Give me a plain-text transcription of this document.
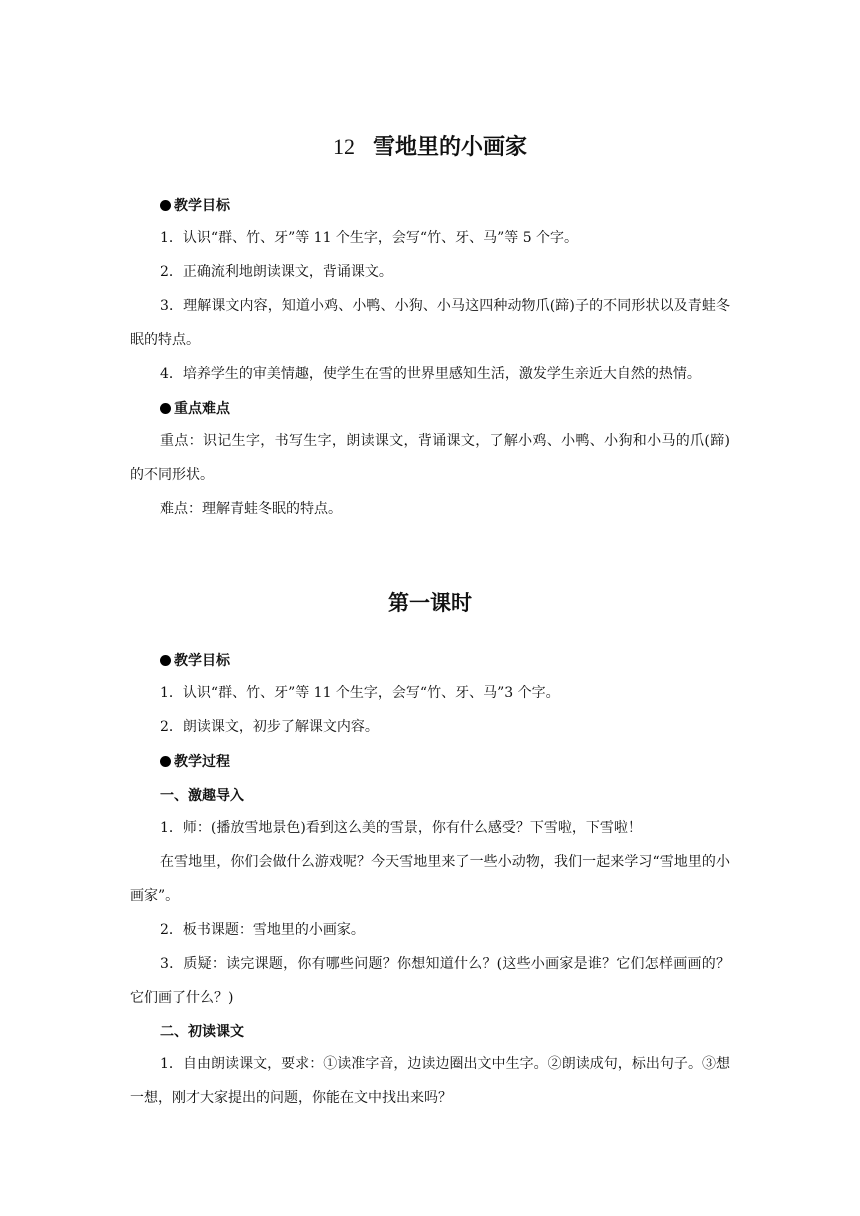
12 雪地里的小画家
教学目标
1．认识“群、竹、牙”等 11 个生字，会写“竹、牙、马”等 5 个字。
2．正确流利地朗读课文，背诵课文。
3．理解课文内容，知道小鸡、小鸭、小狗、小马这四种动物爪(蹄)子的不同形状以及青蛙冬眠的特点。
4．培养学生的审美情趣，使学生在雪的世界里感知生活，激发学生亲近大自然的热情。
重点难点
重点：识记生字，书写生字，朗读课文，背诵课文，了解小鸡、小鸭、小狗和小马的爪(蹄)的不同形状。
难点：理解青蛙冬眠的特点。
第一课时
教学目标
1．认识“群、竹、牙”等 11 个生字，会写“竹、牙、马”3 个字。
2．朗读课文，初步了解课文内容。
教学过程
一、激趣导入
1．师：(播放雪地景色)看到这么美的雪景，你有什么感受？下雪啦，下雪啦！
在雪地里，你们会做什么游戏呢？今天雪地里来了一些小动物，我们一起来学习“雪地里的小画家”。
2．板书课题：雪地里的小画家。
3．质疑：读完课题，你有哪些问题？你想知道什么？(这些小画家是谁？它们怎样画画的？它们画了什么？)
二、初读课文
1．自由朗读课文，要求：①读准字音，边读边圈出文中生字。②朗读成句，标出句子。③想一想，刚才大家提出的问题，你能在文中找出来吗？
